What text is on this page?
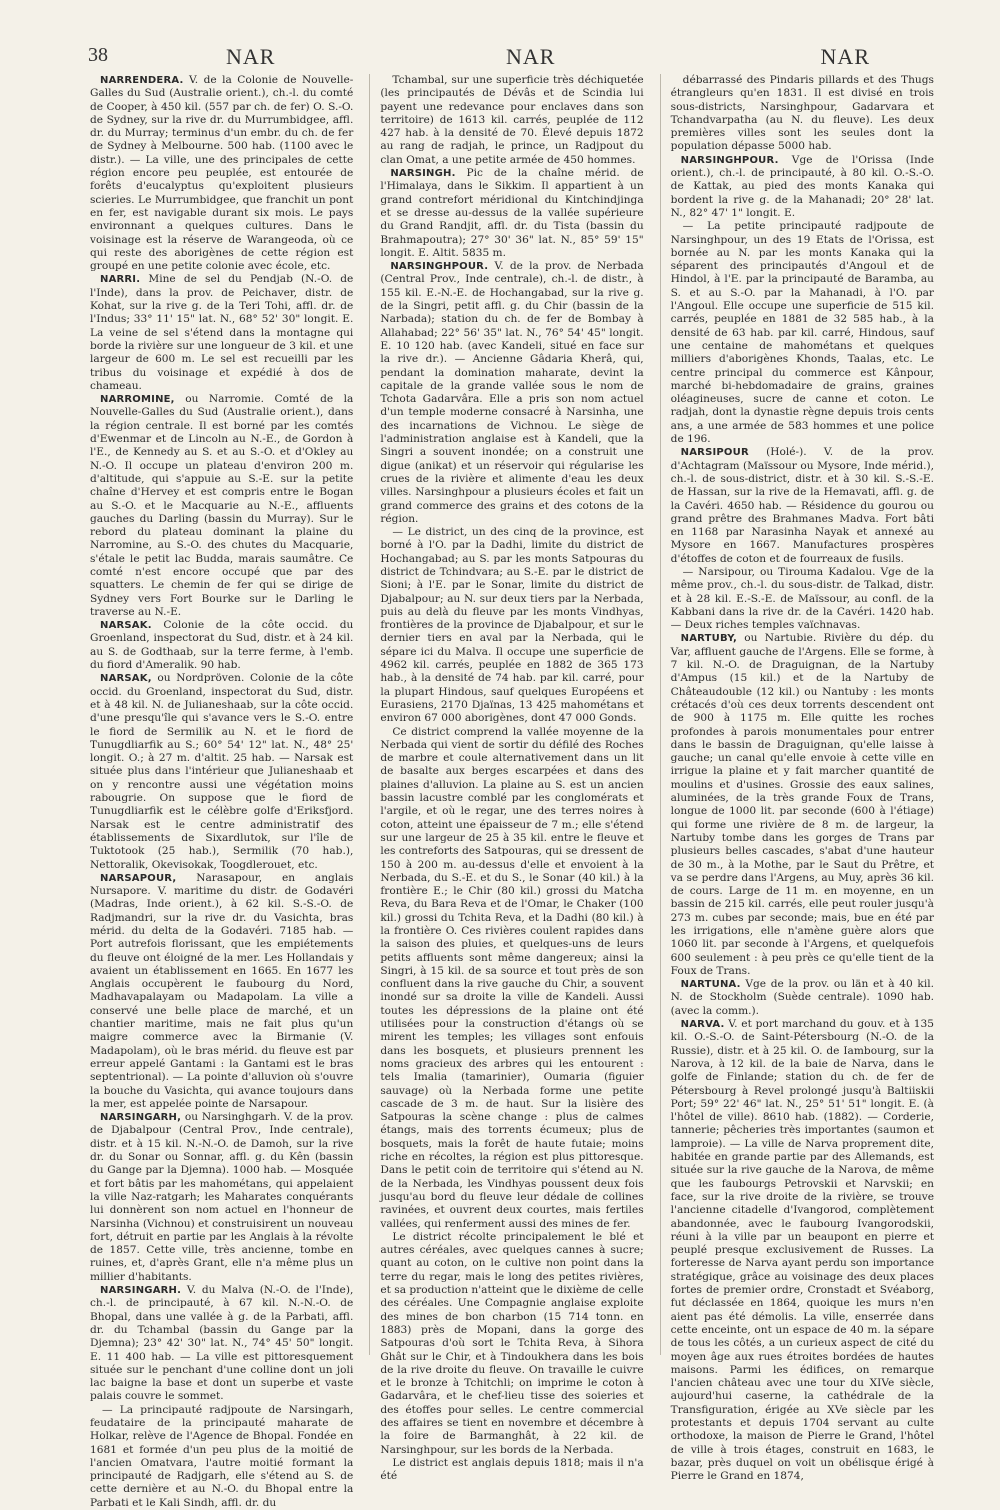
38	NAR	NAR	NAR

NARRENDERA. V. de la Colonie de Nouvelle-Galles du Sud (Australie orient.), ch.-l. du comté de Cooper, à 450 kil. (557 par ch. de fer) O. S.-O. de Sydney, sur la rive dr. du Murrumbidgee, affl. dr. du Murray; terminus d'un embr. du ch. de fer de Sydney à Melbourne. 500 hab. (1100 avec le distr.). — La ville, une des principales de cette région encore peu peuplée, est entourée de forêts d'eucalyptus qu'exploitent plusieurs scieries. Le Murrumbidgee, que franchit un pont en fer, est navigable durant six mois. Le pays environnant a quelques cultures. Dans le voisinage est la réserve de Warangeoda, où ce qui reste des aborigènes de cette région est groupé en une petite colonie avec école, etc.

NARRI. Mine de sel du Pendjab (N.-O. de l'Inde), dans la prov. de Peichaver, distr. de Kohat, sur la rive g. de la Teri Tohi, affl. dr. de l'Indus; 33° 11' 15" lat. N., 68° 52' 30" longit. E. La veine de sel s'étend dans la montagne qui borde la rivière sur une longueur de 3 kil. et une largeur de 600 m. Le sel est recueilli par les tribus du voisinage et expédié à dos de chameau.

NARROMINE, ou Narromie. Comté de la Nouvelle-Galles du Sud (Australie orient.), dans la région centrale. Il est borné par les comtés d'Ewenmar et de Lincoln au N.-E., de Gordon à l'E., de Kennedy au S. et au S.-O. et d'Okley au N.-O. Il occupe un plateau d'environ 200 m. d'altitude, qui s'appuie au S.-E. sur la petite chaîne d'Hervey et est compris entre le Bogan au S.-O. et le Macquarie au N.-E., affluents gauches du Darling (bassin du Murray). Sur le rebord du plateau dominant la plaine du Narromine, au S.-O. des chutes du Macquarie, s'étale le petit lac Budda, marais saumâtre. Ce comté n'est encore occupé que par des squatters. Le chemin de fer qui se dirige de Sydney vers Fort Bourke sur le Darling le traverse au N.-E.

NARSAK. Colonie de la côte occid. du Groenland, inspectorat du Sud, distr. et à 24 kil. au S. de Godthaab, sur la terre ferme, à l'emb. du fiord d'Ameralik. 90 hab.

NARSAK, ou Nordpröven. Colonie de la côte occid. du Groenland, inspectorat du Sud, distr. et à 48 kil. N. de Julianeshaab, sur la côte occid. d'une presqu'île qui s'avance vers le S.-O. entre le fiord de Sermilik au N. et le fiord de Tunugdliarfik au S.; 60° 54' 12" lat. N., 48° 25' longit. O.; à 27 m. d'altit. 25 hab. — Narsak est située plus dans l'intérieur que Julianeshaab et on y rencontre aussi une végétation moins rabougrie. On suppose que le fiord de Tunugdliarfik est le célèbre golfe d'Eriksfjord. Narsak est le centre administratif des établissements de Sixardlutok, sur l'île de Tuktotook (25 hab.), Sermilik (70 hab.), Nettoralik, Okevisokak, Toogdlerouet, etc.

NARSAPOUR, Narasapour, en anglais Nursapore. V. maritime du distr. de Godavéri (Madras, Inde orient.), à 62 kil. S.-S.-O. de Radjmandri, sur la rive dr. du Vasichta, bras mérid. du delta de la Godavéri. 7185 hab. — Port autrefois florissant, que les empiétements du fleuve ont éloigné de la mer. Les Hollandais y avaient un établissement en 1665. En 1677 les Anglais occupèrent le faubourg du Nord, Madhavapalayam ou Madapolam. La ville a conservé une belle place de marché, et un chantier maritime, mais ne fait plus qu'un maigre commerce avec la Birmanie (V. Madapolam), où le bras mérid. du fleuve est par erreur appelé Gantami : la Gantami est le bras septentrional). — La pointe d'alluvion où s'ouvre la bouche du Vasichta, qui avance toujours dans la mer, est appelée pointe de Narsapour.

NARSINGARH, ou Narsinghgarh. V. de la prov. de Djabalpour (Central Prov., Inde centrale), distr. et à 15 kil. N.-N.-O. de Damoh, sur la rive dr. du Sonar ou Sonnar, affl. g. du Kên (bassin du Gange par la Djemna). 1000 hab. — Mosquée et fort bâtis par les mahométans, qui appelaient la ville Naz-ratgarh; les Maharates conquérants lui donnèrent son nom actuel en l'honneur de Narsinha (Vichnou) et construisirent un nouveau fort, détruit en partie par les Anglais à la révolte de 1857. Cette ville, très ancienne, tombe en ruines, et, d'après Grant, elle n'a même plus un millier d'habitants.

NARSINGARH. V. du Malva (N.-O. de l'Inde), ch.-l. de principauté, à 67 kil. N.-N.-O. de Bhopal, dans une vallée à g. de la Parbati, affl. dr. du Tchambal (bassin du Gange par la Djemna); 23° 42' 30" lat. N., 74° 45' 50" longit. E. 11 400 hab. — La ville est pittoresquement située sur le penchant d'une colline dont un joli lac baigne la base et dont un superbe et vaste palais couvre le sommet.

— La principauté radjpoute de Narsingarh, feudataire de la principauté maharate de Holkar, relève de l'Agence de Bhopal. Fondée en 1681 et formée d'un peu plus de la moitié de l'ancien Omatvara, l'autre moitié formant la principauté de Radjgarh, elle s'étend au S. de cette dernière et au N.-O. du Bhopal entre la Parbati et le Kali Sindh, affl. dr. du

Tchambal, sur une superficie très déchiquetée (les principautés de Dévâs et de Scindia lui payent une redevance pour enclaves dans son territoire) de 1613 kil. carrés, peuplée de 112 427 hab. à la densité de 70. Élevé depuis 1872 au rang de radjah, le prince, un Radjpout du clan Omat, a une petite armée de 450 hommes.

NARSINGH. Pic de la chaîne mérid. de l'Himalaya, dans le Sikkim. Il appartient à un grand contrefort méridional du Kintchindjinga et se dresse au-dessus de la vallée supérieure du Grand Randjit, affl. dr. du Tista (bassin du Brahmapoutra); 27° 30' 36" lat. N., 85° 59' 15" longit. E. Altit. 5835 m.

NARSINGHPOUR. V. de la prov. de Nerbada (Central Prov., Inde centrale), ch.-l. de distr., à 155 kil. E.-N.-E. de Hochangabad, sur la rive g. de la Singri, petit affl. g. du Chir (bassin de la Narbada); station du ch. de fer de Bombay à Allahabad; 22° 56' 35" lat. N., 76° 54' 45" longit. E. 10 120 hab. (avec Kandeli, situé en face sur la rive dr.). — Ancienne Gâdaria Kherâ, qui, pendant la domination maharate, devint la capitale de la grande vallée sous le nom de Tchota Gadarvâra. Elle a pris son nom actuel d'un temple moderne consacré à Narsinha, une des incarnations de Vichnou. Le siège de l'administration anglaise est à Kandeli, que la Singri a souvent inondée; on a construit une digue (anikat) et un réservoir qui régularise les crues de la rivière et alimente d'eau les deux villes. Narsinghpour a plusieurs écoles et fait un grand commerce des grains et des cotons de la région.

— Le district, un des cinq de la province, est borné à l'O. par la Dadhi, limite du district de Hochangabad; au S. par les monts Satpouras du district de Tchindvara; au S.-E. par le district de Sioni; à l'E. par le Sonar, limite du district de Djabalpour; au N. sur deux tiers par la Nerbada, puis au delà du fleuve par les monts Vindhyas, frontières de la province de Djabalpour, et sur le dernier tiers en aval par la Nerbada, qui le sépare ici du Malva. Il occupe une superficie de 4962 kil. carrés, peuplée en 1882 de 365 173 hab., à la densité de 74 hab. par kil. carré, pour la plupart Hindous, sauf quelques Européens et Eurasiens, 2170 Djaïnas, 13 425 mahométans et environ 67 000 aborigènes, dont 47 000 Gonds.

Ce district comprend la vallée moyenne de la Nerbada qui vient de sortir du défilé des Roches de marbre et coule alternativement dans un lit de basalte aux berges escarpées et dans des plaines d'alluvion. La plaine au S. est un ancien bassin lacustre comblé par les conglomérats et l'argile, et où le regar, une des terres noires à coton, atteint une épaisseur de 7 m.; elle s'étend sur une largeur de 25 à 35 kil. entre le fleuve et les contreforts des Satpouras, qui se dressent de 150 à 200 m. au-dessus d'elle et envoient à la Nerbada, du S.-E. et du S., le Sonar (40 kil.) à la frontière E.; le Chir (80 kil.) grossi du Matcha Reva, du Bara Reva et de l'Omar, le Chaker (100 kil.) grossi du Tchita Reva, et la Dadhi (80 kil.) à la frontière O. Ces rivières coulent rapides dans la saison des pluies, et quelques-uns de leurs petits affluents sont même dangereux; ainsi la Singri, à 15 kil. de sa source et tout près de son confluent dans la rive gauche du Chir, a souvent inondé sur sa droite la ville de Kandeli. Aussi toutes les dépressions de la plaine ont été utilisées pour la construction d'étangs où se mirent les temples; les villages sont enfouis dans les bosquets, et plusieurs prennent les noms gracieux des arbres qui les entourent : tels Imalia (tamarinier), Oumaria (figuier sauvage) où la Nerbada forme une petite cascade de 3 m. de haut. Sur la lisière des Satpouras la scène change : plus de calmes étangs, mais des torrents écumeux; plus de bosquets, mais la forêt de haute futaie; moins riche en récoltes, la région est plus pittoresque. Dans le petit coin de territoire qui s'étend au N. de la Nerbada, les Vindhyas poussent deux fois jusqu'au bord du fleuve leur dédale de collines ravinées, et ouvrent deux courtes, mais fertiles vallées, qui renferment aussi des mines de fer.

Le district récolte principalement le blé et autres céréales, avec quelques cannes à sucre; quant au coton, on le cultive non point dans la terre du regar, mais le long des petites rivières, et sa production n'atteint que le dixième de celle des céréales. Une Compagnie anglaise exploite des mines de bon charbon (15 714 tonn. en 1883) près de Mopani, dans la gorge des Satpouras d'où sort le Tchita Reva, à Sihora Ghât sur le Chir, et à Tindoukhera dans les bois de la rive droite du fleuve. On travaille le cuivre et le bronze à Tchitchli; on imprime le coton à Gadarvâra, et le chef-lieu tisse des soieries et des étoffes pour selles. Le centre commercial des affaires se tient en novembre et décembre à la foire de Barmanghât, à 22 kil. de Narsinghpour, sur les bords de la Nerbada.

Le district est anglais depuis 1818; mais il n'a été

débarrassé des Pindaris pillards et des Thugs étrangleurs qu'en 1831. Il est divisé en trois sous-districts, Narsinghpour, Gadarvara et Tchandvarpatha (au N. du fleuve). Les deux premières villes sont les seules dont la population dépasse 5000 hab.

NARSINGHPOUR. Vge de l'Orissa (Inde orient.), ch.-l. de principauté, à 80 kil. O.-S.-O. de Kattak, au pied des monts Kanaka qui bordent la rive g. de la Mahanadi; 20° 28' lat. N., 82° 47' 1" longit. E.

— La petite principauté radjpoute de Narsinghpour, un des 19 Etats de l'Orissa, est bornée au N. par les monts Kanaka qui la séparent des principautés d'Angoul et de Hindol, à l'E. par la principauté de Baramba, au S. et au S.-O. par la Mahanadi, à l'O. par l'Angoul. Elle occupe une superficie de 515 kil. carrés, peuplée en 1881 de 32 585 hab., à la densité de 63 hab. par kil. carré, Hindous, sauf une centaine de mahométans et quelques milliers d'aborigènes Khonds, Taalas, etc. Le centre principal du commerce est Kânpour, marché bi-hebdomadaire de grains, graines oléagineuses, sucre de canne et coton. Le radjah, dont la dynastie règne depuis trois cents ans, a une armée de 583 hommes et une police de 196.

NARSIPOUR (Holé-). V. de la prov. d'Achtagram (Maïssour ou Mysore, Inde mérid.), ch.-l. de sous-district, distr. et à 30 kil. S.-S.-E. de Hassan, sur la rive de la Hemavati, affl. g. de la Cavéri. 4650 hab. — Résidence du gourou ou grand prêtre des Brahmanes Madva. Fort bâti en 1168 par Narasinha Nayak et annexé au Mysore en 1667. Manufactures prospères d'étoffes de coton et de fourreaux de fusils.

— Narsipour, ou Tirouma Kadalou. Vge de la même prov., ch.-l. du sous-distr. de Talkad, distr. et à 28 kil. E.-S.-E. de Maïssour, au confl. de la Kabbani dans la rive dr. de la Cavéri. 1420 hab. — Deux riches temples vaïchnavas.

NARTUBY, ou Nartubie. Rivière du dép. du Var, affluent gauche de l'Argens. Elle se forme, à 7 kil. N.-O. de Draguignan, de la Nartuby d'Ampus (15 kil.) et de la Nartuby de Châteaudouble (12 kil.) ou Nantuby : les monts crétacés d'où ces deux torrents descendent ont de 900 à 1175 m. Elle quitte les roches profondes à parois monumentales pour entrer dans le bassin de Draguignan, qu'elle laisse à gauche; un canal qu'elle envoie à cette ville en irrigue la plaine et y fait marcher quantité de moulins et d'usines. Grossie des eaux salines, aluminées, de la très grande Foux de Trans, longue de 1000 lit. par seconde (600 à l'étiage) qui forme une rivière de 8 m. de largeur, la Nartuby tombe dans les gorges de Trans par plusieurs belles cascades, s'abat d'une hauteur de 30 m., à la Mothe, par le Saut du Prêtre, et va se perdre dans l'Argens, au Muy, après 36 kil. de cours. Large de 11 m. en moyenne, en un bassin de 215 kil. carrés, elle peut rouler jusqu'à 273 m. cubes par seconde; mais, bue en été par les irrigations, elle n'amène guère alors que 1060 lit. par seconde à l'Argens, et quelquefois 600 seulement : à peu près ce qu'elle tient de la Foux de Trans.

NARTUNA. Vge de la prov. ou län et à 40 kil. N. de Stockholm (Suède centrale). 1090 hab. (avec la comm.).

NARVA. V. et port marchand du gouv. et à 135 kil. O.-S.-O. de Saint-Pétersbourg (N.-O. de la Russie), distr. et à 25 kil. O. de Iambourg, sur la Narova, à 12 kil. de la baie de Narva, dans le golfe de Finlande; station du ch. de fer de Pétersbourg à Revel prolongé jusqu'à Baltiiskii Port; 59° 22' 46" lat. N., 25° 51' 51" longit. E. (à l'hôtel de ville). 8610 hab. (1882). — Corderie, tannerie; pêcheries très importantes (saumon et lamproie). — La ville de Narva proprement dite, habitée en grande partie par des Allemands, est située sur la rive gauche de la Narova, de même que les faubourgs Petrovskii et Narvskii; en face, sur la rive droite de la rivière, se trouve l'ancienne citadelle d'Ivangorod, complètement abandonnée, avec le faubourg Ivangorodskii, réuni à la ville par un beaupont en pierre et peuplé presque exclusivement de Russes. La forteresse de Narva ayant perdu son importance stratégique, grâce au voisinage des deux places fortes de premier ordre, Cronstadt et Svéaborg, fut déclassée en 1864, quoique les murs n'en aient pas été démolis. La ville, enserrée dans cette enceinte, ont un espace de 40 m. la sépare de tous les côtés, a un curieux aspect de cité du moyen âge aux rues étroites bordées de hautes maisons. Parmi les édifices, on remarque l'ancien château avec une tour du XIVe siècle, aujourd'hui caserne, la cathédrale de la Transfiguration, érigée au XVe siècle par les protestants et depuis 1704 servant au culte orthodoxe, la maison de Pierre le Grand, l'hôtel de ville à trois étages, construit en 1683, le bazar, près duquel on voit un obélisque érigé à Pierre le Grand en 1874,
